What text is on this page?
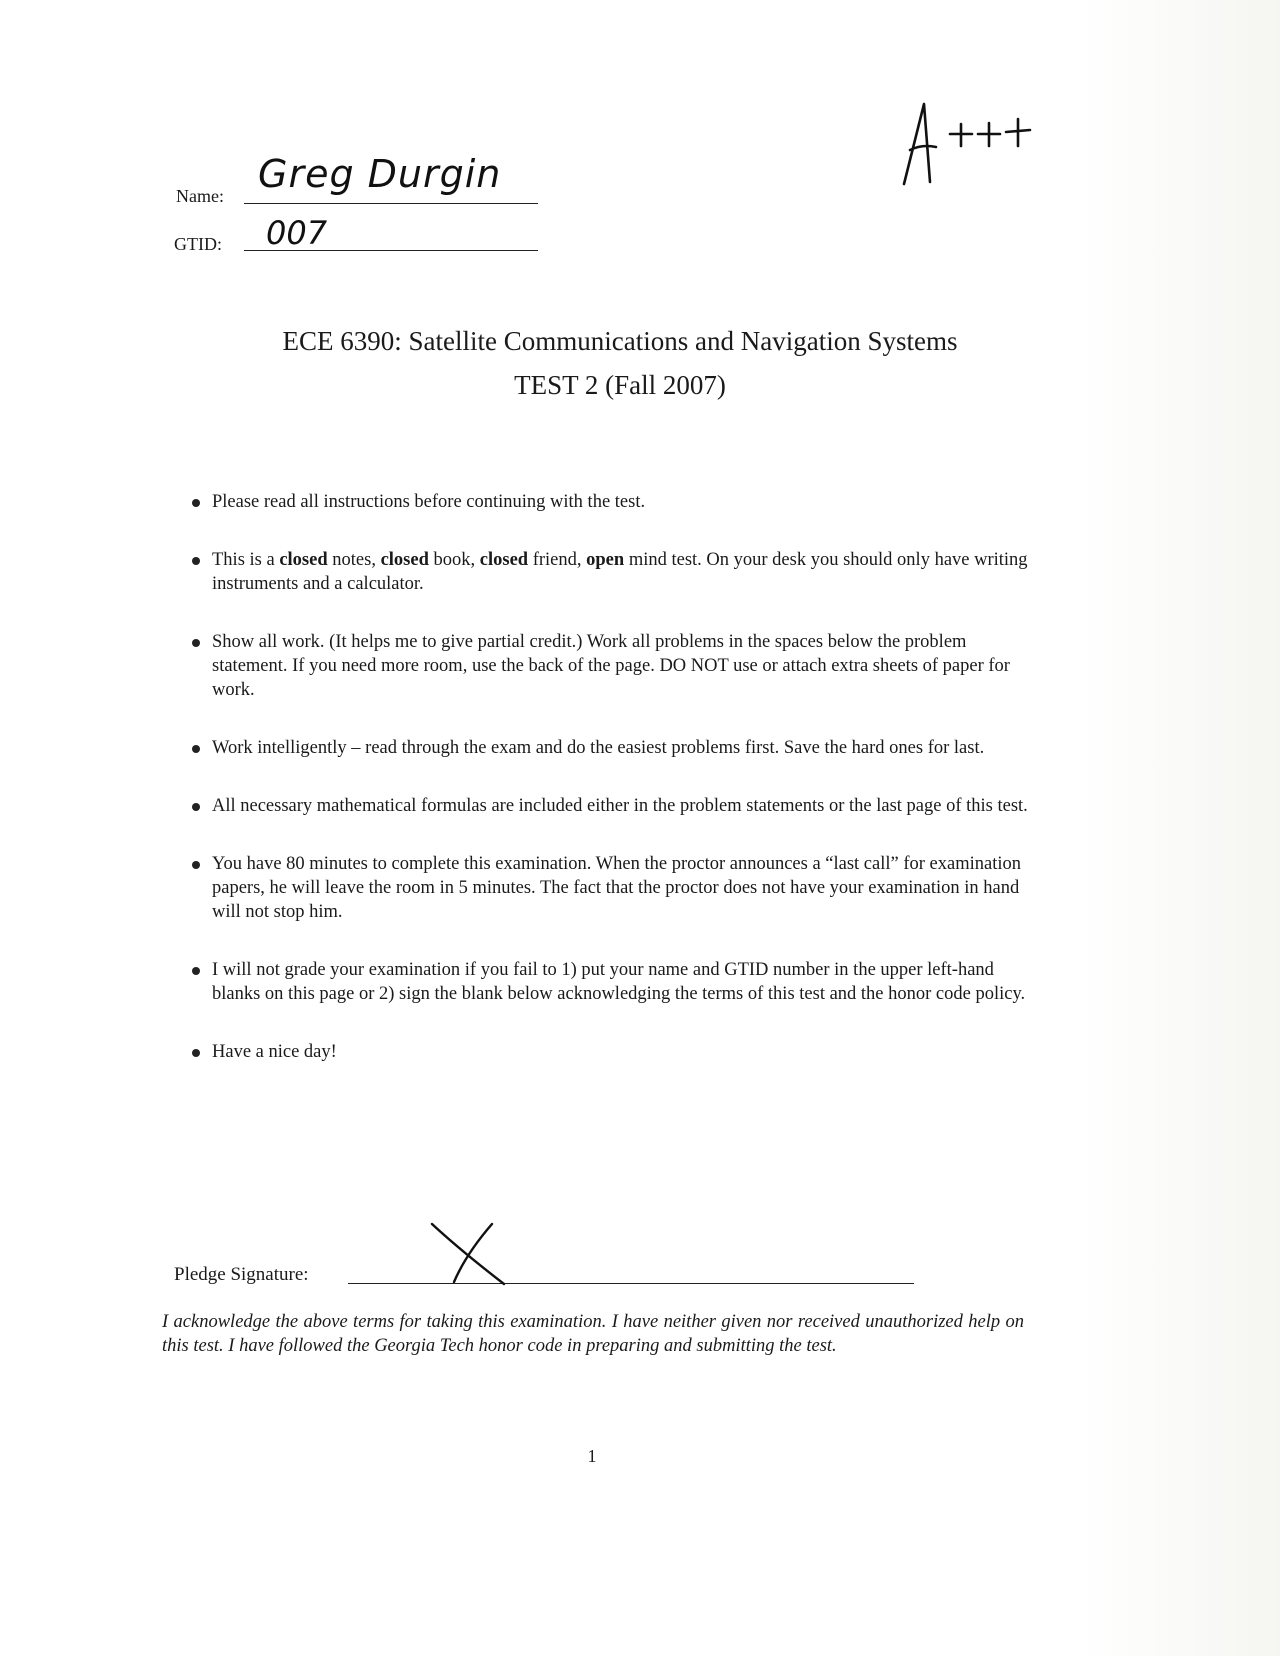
Name: Greg Durgin
GTID: 007
ECE 6390: Satellite Communications and Navigation Systems
TEST 2 (Fall 2007)

Please read all instructions before continuing with the test.

This is a closed notes, closed book, closed friend, open mind test. On your desk you should only have writing instruments and a calculator.

Show all work. (It helps me to give partial credit.) Work all problems in the spaces below the problem statement. If you need more room, use the back of the page. DO NOT use or attach extra sheets of paper for work.

Work intelligently – read through the exam and do the easiest problems first. Save the hard ones for last.

All necessary mathematical formulas are included either in the problem statements or the last page of this test.

You have 80 minutes to complete this examination. When the proctor announces a “last call” for examination papers, he will leave the room in 5 minutes. The fact that the proctor does not have your examination in hand will not stop him.

I will not grade your examination if you fail to 1) put your name and GTID number in the upper left-hand blanks on this page or 2) sign the blank below acknowledging the terms of this test and the honor code policy.

Have a nice day!

Pledge Signature:
I acknowledge the above terms for taking this examination. I have neither given nor received unauthorized help on this test. I have followed the Georgia Tech honor code in preparing and submitting the test.
1
